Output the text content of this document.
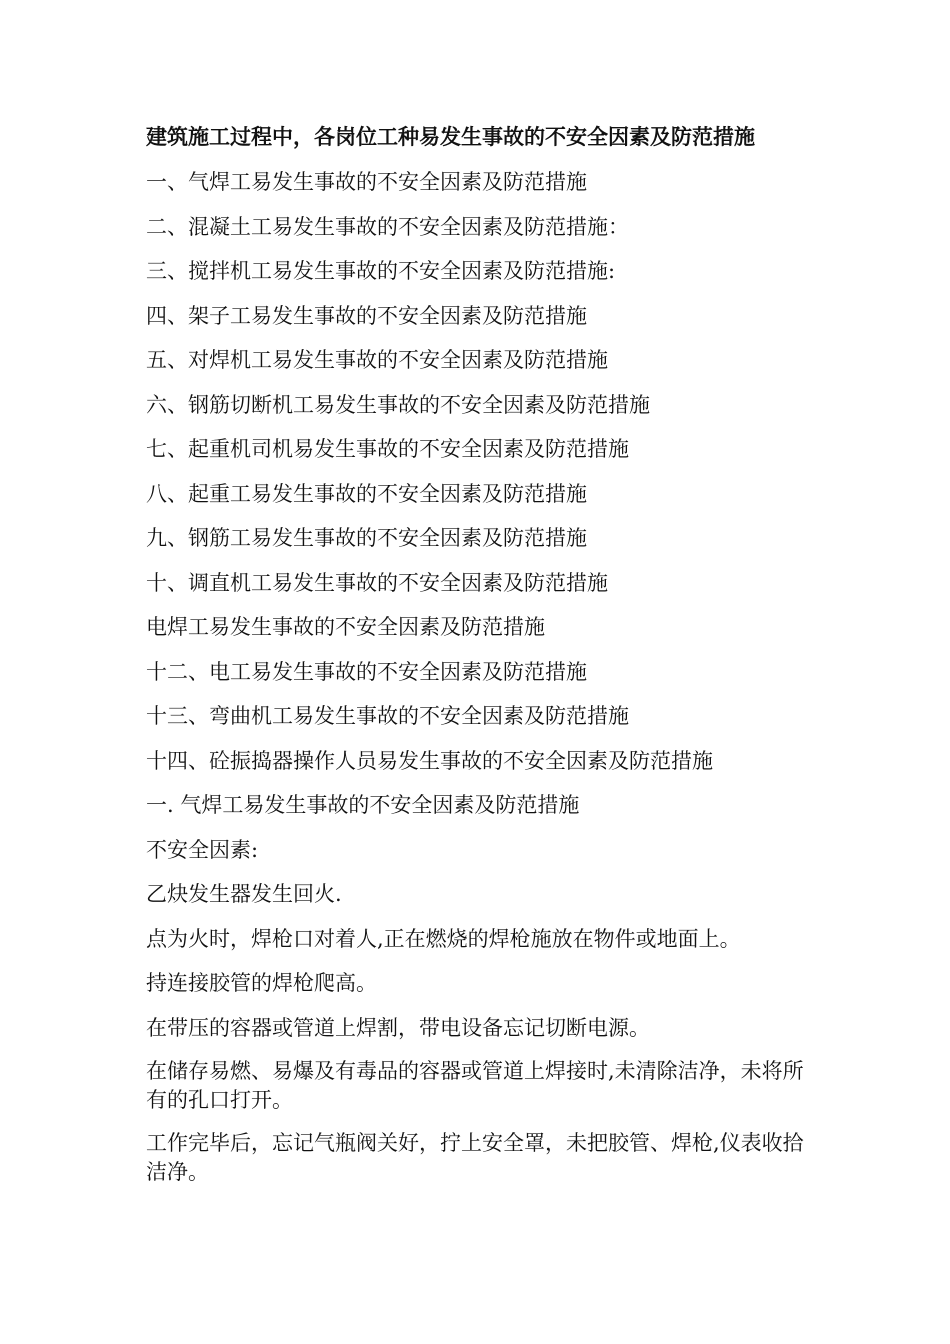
建筑施工过程中，各岗位工种易发生事故的不安全因素及防范措施
一、气焊工易发生事故的不安全因素及防范措施
二、混凝土工易发生事故的不安全因素及防范措施：
三、搅拌机工易发生事故的不安全因素及防范措施:
四、架子工易发生事故的不安全因素及防范措施
五、对焊机工易发生事故的不安全因素及防范措施
六、钢筋切断机工易发生事故的不安全因素及防范措施
七、起重机司机易发生事故的不安全因素及防范措施
八、起重工易发生事故的不安全因素及防范措施
九、钢筋工易发生事故的不安全因素及防范措施
十、调直机工易发生事故的不安全因素及防范措施
电焊工易发生事故的不安全因素及防范措施
十二、电工易发生事故的不安全因素及防范措施
十三、弯曲机工易发生事故的不安全因素及防范措施
十四、砼振捣器操作人员易发生事故的不安全因素及防范措施
一. 气焊工易发生事故的不安全因素及防范措施
不安全因素:
乙炔发生器发生回火.
点为火时，焊枪口对着人,正在燃烧的焊枪施放在物件或地面上。
持连接胶管的焊枪爬高。
在带压的容器或管道上焊割，带电设备忘记切断电源。
在储存易燃、易爆及有毒品的容器或管道上焊接时,未清除洁净，未将所有的孔口打开。
工作完毕后，忘记气瓶阀关好，拧上安全罩，未把胶管、焊枪,仪表收拾洁净。
